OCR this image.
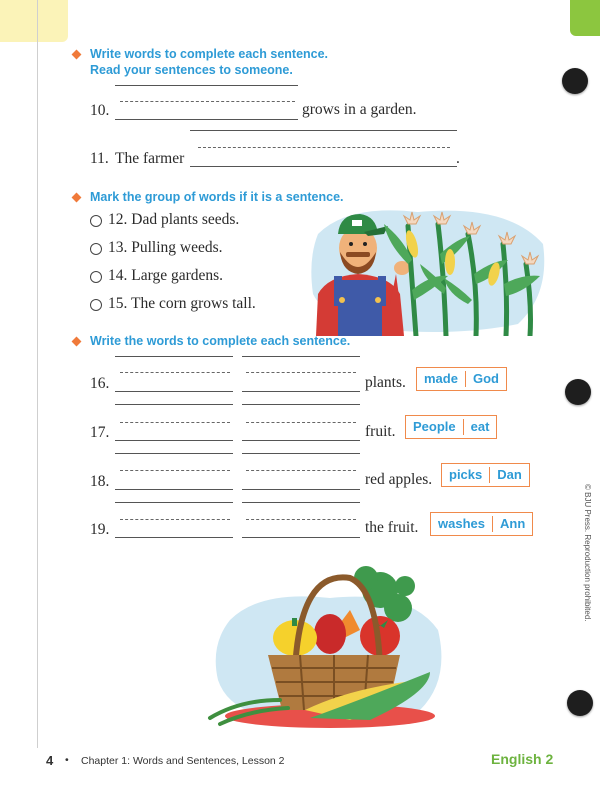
Write words to complete each sentence.
Read your sentences to someone.
10.	grows in a garden.
11. The farmer	.
Mark the group of words if it is a sentence.
12. Dad plants seeds.
13. Pulling weeds.
14. Large gardens.
15. The corn grows tall.
Write the words to complete each sentence.
16.	plants.	made	God
17.	fruit.	People	eat
18.	red apples.	picks	Dan
19.	the fruit.	washes	Ann
4 • Chapter 1: Words and Sentences, Lesson 2	English 2
© BJU Press. Reproduction prohibited.
